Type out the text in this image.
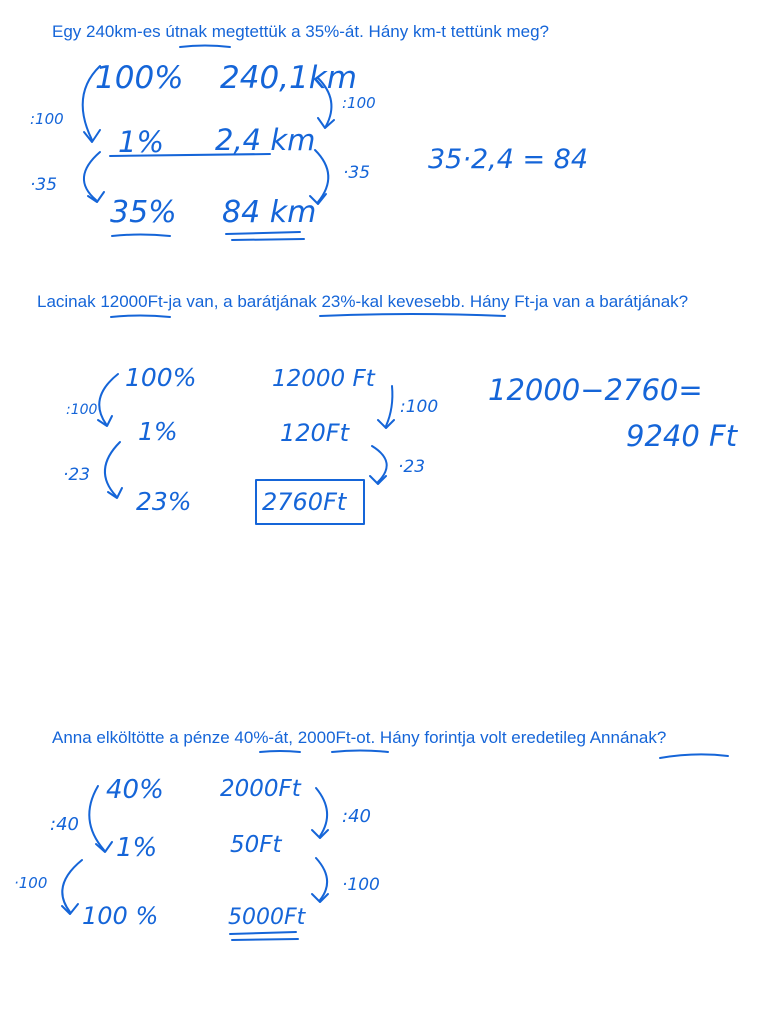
Egy 240km-es útnak megtettük a 35%-át. Hány km-t tettünk meg?

Lacinak 12000Ft-ja van, a barátjának 23%-kal kevesebb. Hány Ft-ja van a barátjának?

Anna elköltötte a pénze 40%-át, 2000Ft-ot. Hány forintja volt eredetileg Annának?

100% 240,1km
:100
:100
1% 2,4 km
·35
·35
35% 84 km
35·2,4 = 84
100%	12000 Ft
:100	:100
1%	120Ft
·23	·23
23%	2760Ft
12000−2760=
9240 Ft
40% 2000Ft
:40	:40
1%	50Ft
·100	·100
100 %	5000Ft
